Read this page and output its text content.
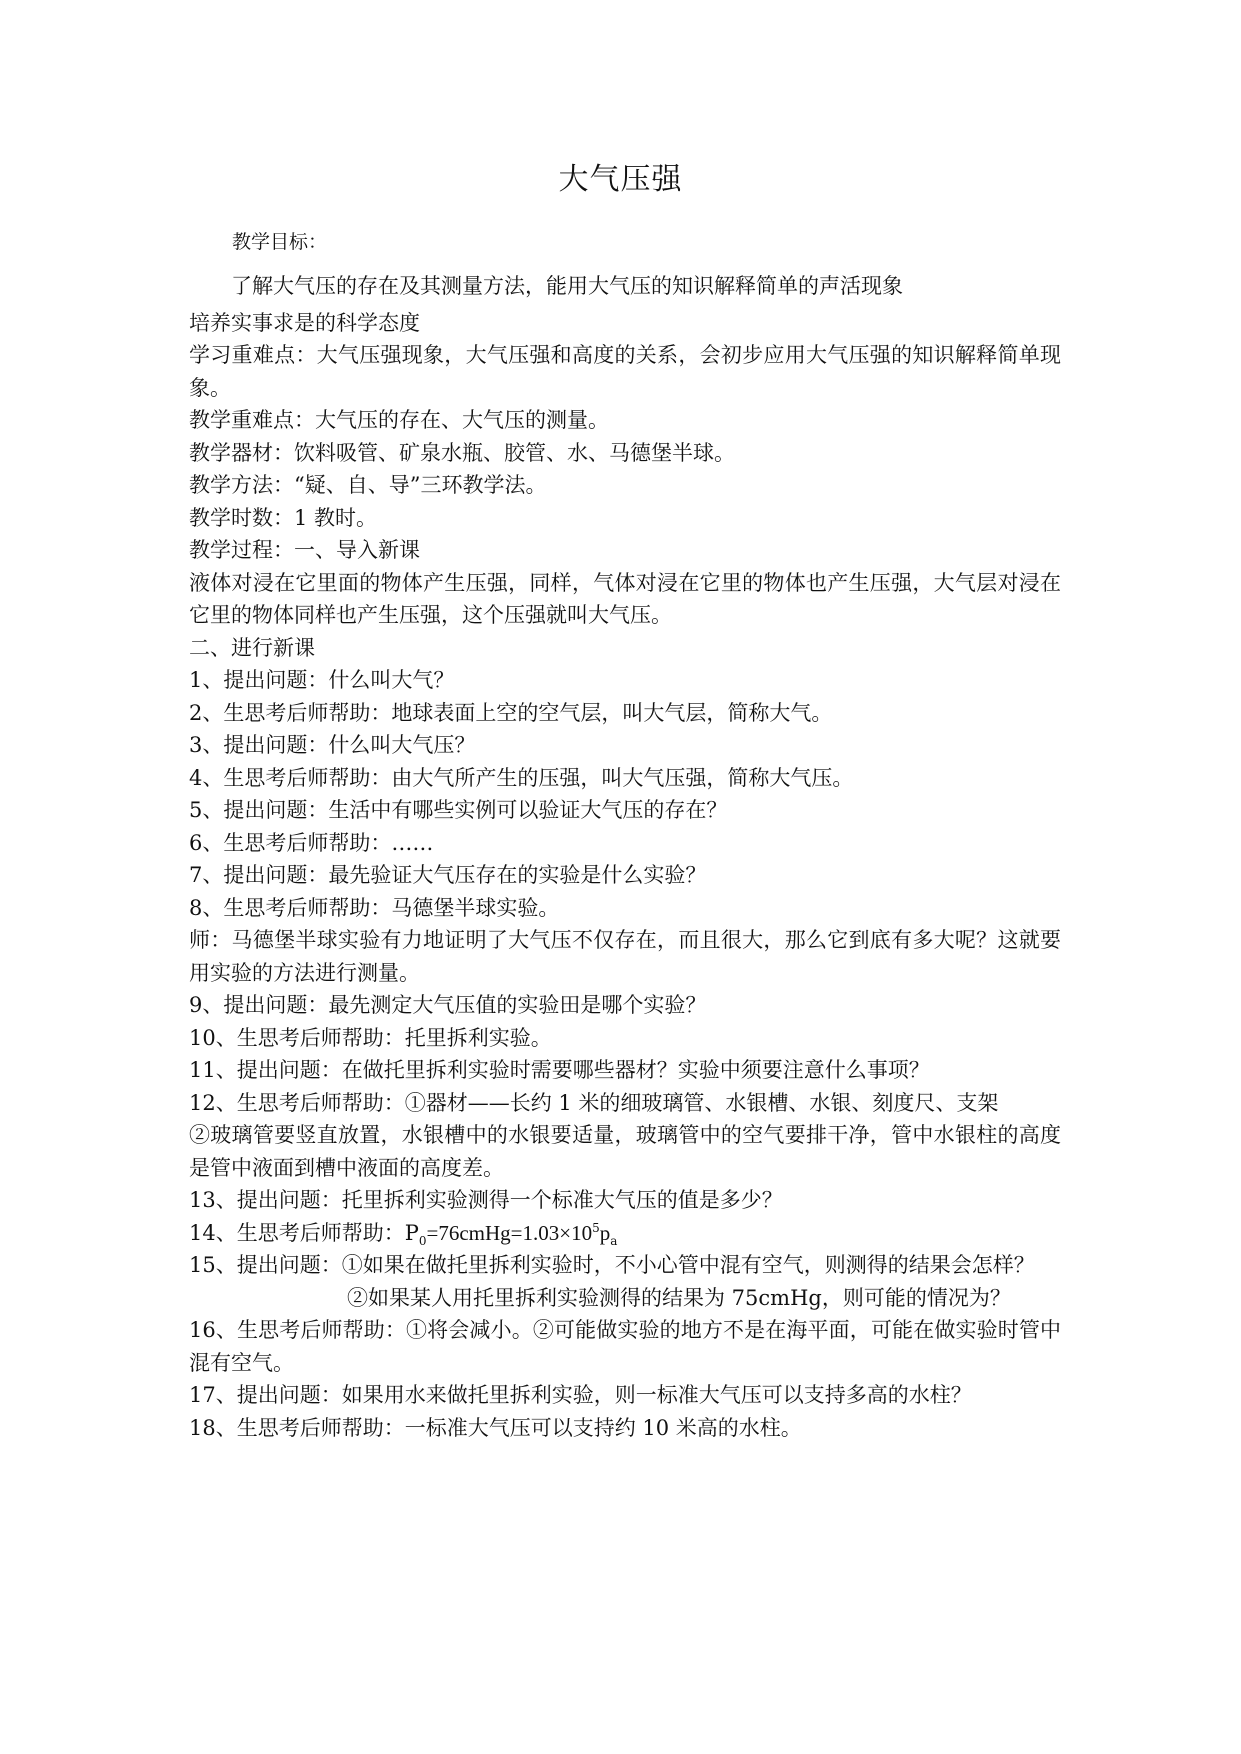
大气压强
教学目标：

了解大气压的存在及其测量方法，能用大气压的知识解释简单的声活现象

培养实事求是的科学态度

学习重难点：大气压强现象，大气压强和高度的关系，会初步应用大气压强的知识解释简单现象。

教学重难点：大气压的存在、大气压的测量。

教学器材：饮料吸管、矿泉水瓶、胶管、水、马德堡半球。

教学方法：“疑、自、导”三环教学法。

教学时数：1 教时。

教学过程：一、导入新课

液体对浸在它里面的物体产生压强，同样，气体对浸在它里的物体也产生压强，大气层对浸在它里的物体同样也产生压强，这个压强就叫大气压。

二、进行新课

1、提出问题：什么叫大气？

2、生思考后师帮助：地球表面上空的空气层，叫大气层，简称大气。

3、提出问题：什么叫大气压？

4、生思考后师帮助：由大气所产生的压强，叫大气压强，简称大气压。

5、提出问题：生活中有哪些实例可以验证大气压的存在？

6、生思考后师帮助：……

7、提出问题：最先验证大气压存在的实验是什么实验？

8、生思考后师帮助：马德堡半球实验。

师：马德堡半球实验有力地证明了大气压不仅存在，而且很大，那么它到底有多大呢？这就要用实验的方法进行测量。

9、提出问题：最先测定大气压值的实验田是哪个实验？

10、生思考后师帮助：托里拆利实验。

11、提出问题：在做托里拆利实验时需要哪些器材？实验中须要注意什么事项？

12、生思考后师帮助：①器材——长约 1 米的细玻璃管、水银槽、水银、刻度尺、支架

②玻璃管要竖直放置，水银槽中的水银要适量，玻璃管中的空气要排干净，管中水银柱的高度是管中液面到槽中液面的高度差。

13、提出问题：托里拆利实验测得一个标准大气压的值是多少？

14、生思考后师帮助：$P_0=76cmHg=1.03\times 10^5p_a$

15、提出问题：①如果在做托里拆利实验时，不小心管中混有空气，则测得的结果会怎样？

②如果某人用托里拆利实验测得的结果为 75cmHg，则可能的情况为？

16、生思考后师帮助：①将会减小。②可能做实验的地方不是在海平面，可能在做实验时管中混有空气。

17、提出问题：如果用水来做托里拆利实验，则一标准大气压可以支持多高的水柱？

18、生思考后师帮助：一标准大气压可以支持约 10 米高的水柱。
